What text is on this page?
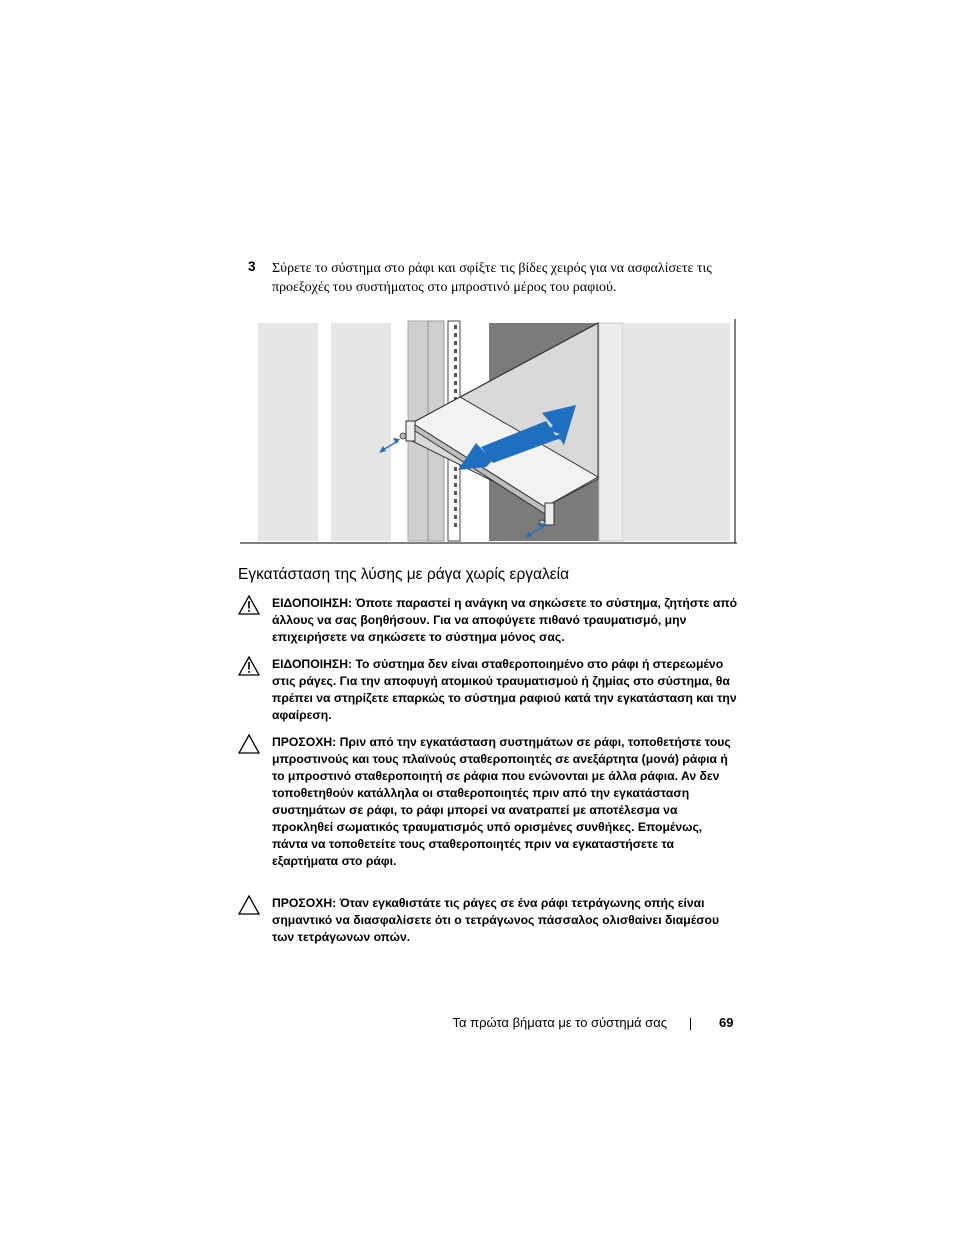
3 Σύρετε το σύστημα στο ράφι και σφίξτε τις βίδες χειρός για να ασφαλίσετε τις προεξοχές του συστήματος στο μπροστινό μέρος του ραφιού.
Εγκατάσταση της λύσης με ράγα χωρίς εργαλεία
ΕΙΔΟΠΟΙΗΣΗ: Όποτε παραστεί η ανάγκη να σηκώσετε το σύστημα, ζητήστε από άλλους να σας βοηθήσουν. Για να αποφύγετε πιθανό τραυματισμό, μην επιχειρήσετε να σηκώσετε το σύστημα μόνος σας.
ΕΙΔΟΠΟΙΗΣΗ: Το σύστημα δεν είναι σταθεροποιημένο στο ράφι ή στερεωμένο στις ράγες. Για την αποφυγή ατομικού τραυματισμού ή ζημίας στο σύστημα, θα πρέπει να στηρίζετε επαρκώς το σύστημα ραφιού κατά την εγκατάσταση και την αφαίρεση.
ΠΡΟΣΟΧΗ: Πριν από την εγκατάσταση συστημάτων σε ράφι, τοποθετήστε τους μπροστινούς και τους πλαϊνούς σταθεροποιητές σε ανεξάρτητα (μονά) ράφια ή το μπροστινό σταθεροποιητή σε ράφια που ενώνονται με άλλα ράφια. Αν δεν τοποθετηθούν κατάλληλα οι σταθεροποιητές πριν από την εγκατάσταση συστημάτων σε ράφι, το ράφι μπορεί να ανατραπεί με αποτέλεσμα να προκληθεί σωματικός τραυματισμός υπό ορισμένες συνθήκες. Επομένως, πάντα να τοποθετείτε τους σταθεροποιητές πριν να εγκαταστήσετε τα εξαρτήματα στο ράφι.
ΠΡΟΣΟΧΗ: Όταν εγκαθιστάτε τις ράγες σε ένα ράφι τετράγωνης οπής είναι σημαντικό να διασφαλίσετε ότι ο τετράγωνος πάσσαλος ολισθαίνει διαμέσου των τετράγωνων οπών.
Τα πρώτα βήματα με το σύστημά σας	69
